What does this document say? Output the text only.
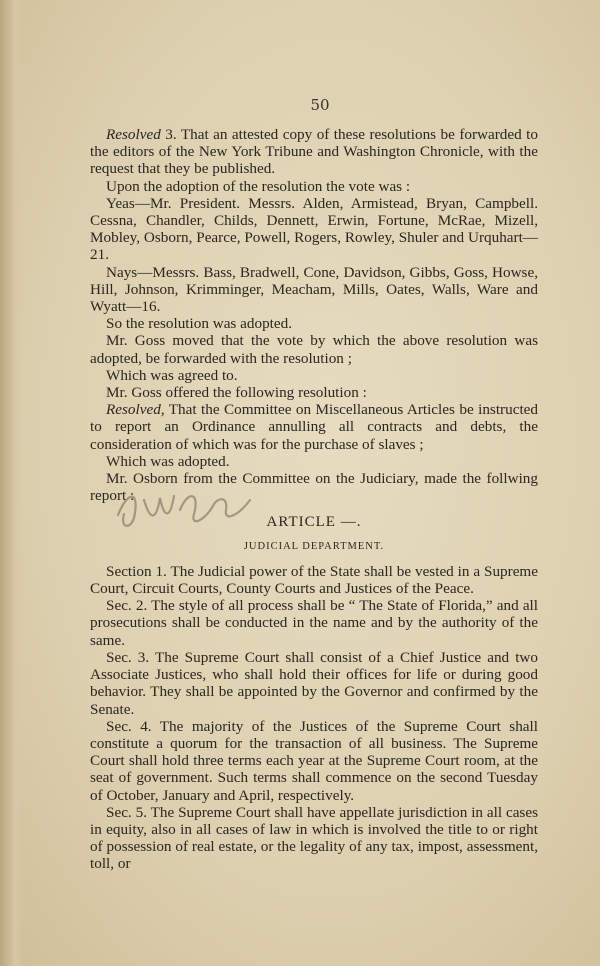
50

Resolved 3. That an attested copy of these resolutions be forwarded to the editors of the New York Tribune and Washington Chronicle, with the request that they be published.

Upon the adoption of the resolution the vote was :

Yeas—Mr. President. Messrs. Alden, Armistead, Bryan, Campbell. Cessna, Chandler, Childs, Dennett, Erwin, Fortune, McRae, Mizell, Mobley, Osborn, Pearce, Powell, Rogers, Rowley, Shuler and Urquhart—21.

Nays—Messrs. Bass, Bradwell, Cone, Davidson, Gibbs, Goss, Howse, Hill, Johnson, Krimminger, Meacham, Mills, Oates, Walls, Ware and Wyatt—16.

So the resolution was adopted.

Mr. Goss moved that the vote by which the above resolution was adopted, be forwarded with the resolution ;

Which was agreed to.

Mr. Goss offered the following resolution :

Resolved, That the Committee on Miscellaneous Articles be instructed to report an Ordinance annulling all contracts and debts, the consideration of which was for the purchase of slaves ;

Which was adopted.

Mr. Osborn from the Committee on the Judiciary, made the follwing report :

ARTICLE —.
JUDICIAL DEPARTMENT.

Section 1. The Judicial power of the State shall be vested in a Supreme Court, Circuit Courts, County Courts and Justices of the Peace.

Sec. 2. The style of all process shall be “ The State of Florida,” and all prosecutions shall be conducted in the name and by the authority of the same.

Sec. 3. The Supreme Court shall consist of a Chief Justice and two Associate Justices, who shall hold their offices for life or during good behavior. They shall be appointed by the Governor and confirmed by the Senate.

Sec. 4. The majority of the Justices of the Supreme Court shall constitute a quorum for the transaction of all business. The Supreme Court shall hold three terms each year at the Supreme Court room, at the seat of government. Such terms shall commence on the second Tuesday of October, January and April, respectively.

Sec. 5. The Supreme Court shall have appellate jurisdiction in all cases in equity, also in all cases of law in which is involved the title to or right of possession of real estate, or the legality of any tax, impost, assessment, toll, or
